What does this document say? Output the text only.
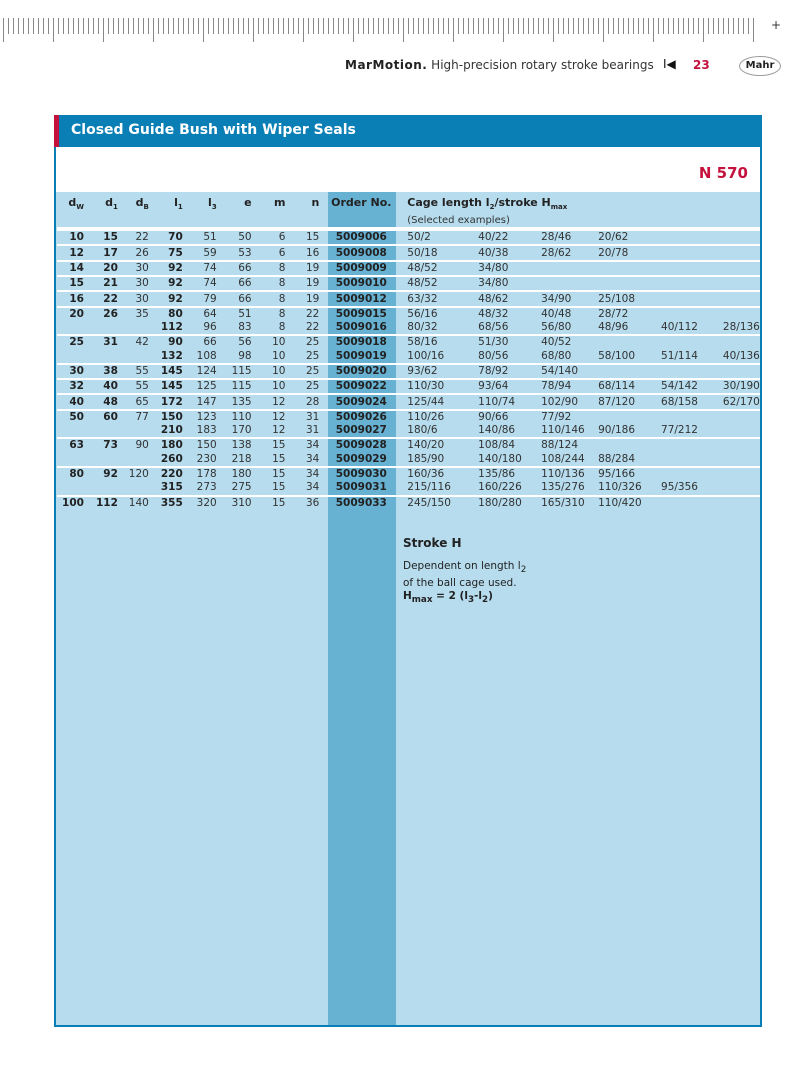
+
MarMotion. High-precision rotary stroke bearings I◀ 23	Mahr
Closed Guide Bush with Wiper Seals
N 570
$d_W$	$d_1$	$d_B$	$l_1$	$l_3$	e	m	n		Order No.	Cage length $l_2$/stroke $H_{max}$
(Selected examples)					

10	15	22	70	51	50	6	15		5009006	50/2	40/22	28/46	20/62		
12	17	26	75	59	53	6	16		5009008	50/18	40/38	28/62	20/78		
14	20	30	92	74	66	8	19		5009009	48/52	34/80				
15	21	30	92	74	66	8	19		5009010	48/52	34/80				
16	22	30	92	79	66	8	19		5009012	63/32	48/62	34/90	25/108		
20	26	35	80	64	51	8	22		5009015	56/16	48/32	40/48	28/72		
			112	96	83	8	22		5009016	80/32	68/56	56/80	48/96	40/112	28/136
25	31	42	90	66	56	10	25		5009018	58/16	51/30	40/52			
			132	108	98	10	25		5009019	100/16	80/56	68/80	58/100	51/114	40/136
30	38	55	145	124	115	10	25		5009020	93/62	78/92	54/140			
32	40	55	145	125	115	10	25		5009022	110/30	93/64	78/94	68/114	54/142	30/190
40	48	65	172	147	135	12	28		5009024	125/44	110/74	102/90	87/120	68/158	62/170
50	60	77	150	123	110	12	31		5009026	110/26	90/66	77/92			
			210	183	170	12	31		5009027	180/6	140/86	110/146	90/186	77/212	
63	73	90	180	150	138	15	34		5009028	140/20	108/84	88/124			
			260	230	218	15	34		5009029	185/90	140/180	108/244	88/284		
80	92	120	220	178	180	15	34		5009030	160/36	135/86	110/136	95/166		
			315	273	275	15	34		5009031	215/116	160/226	135/276	110/326	95/356	
100	112	140	355	320	310	15	36		5009033	245/150	180/280	165/310	110/420		
Stroke H
Dependent on length $l_2$
of the ball cage used.
$H_{max} = 2$ $(l_3-l_2)$
